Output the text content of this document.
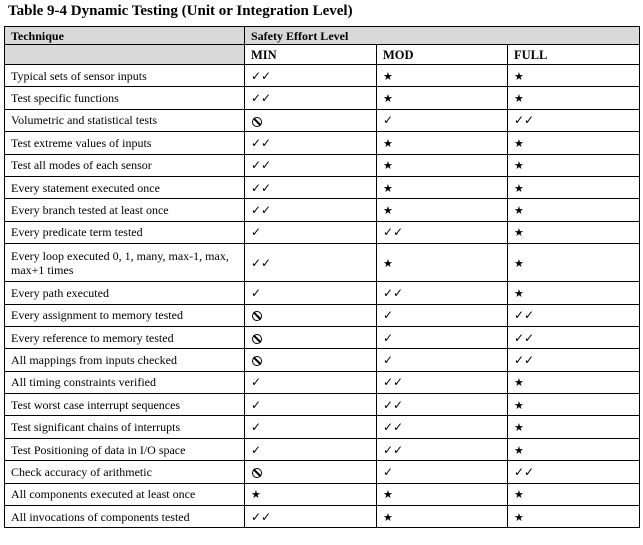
Table 9-4 Dynamic Testing (Unit or Integration Level)
Technique	Safety Effort Level		
	MIN	MOD	FULL
Typical sets of sensor inputs	✓✓	★	★
Test specific functions	✓✓	★	★
Volumetric and statistical tests		✓	✓✓
Test extreme values of inputs	✓✓	★	★
Test all modes of each sensor	✓✓	★	★
Every statement executed once	✓✓	★	★
Every branch tested at least once	✓✓	★	★
Every predicate term tested	✓	✓✓	★
Every loop executed 0, 1, many, max-1, max, max+1 times	✓✓	★	★
Every path executed	✓	✓✓	★
Every assignment to memory tested		✓	✓✓
Every reference to memory tested		✓	✓✓
All mappings from inputs checked		✓	✓✓
All timing constraints verified	✓	✓✓	★
Test worst case interrupt sequences	✓	✓✓	★
Test significant chains of interrupts	✓	✓✓	★
Test Positioning of data in I/O space	✓	✓✓	★
Check accuracy of arithmetic		✓	✓✓
All components executed at least once	★	★	★
All invocations of components tested	✓✓	★	★
